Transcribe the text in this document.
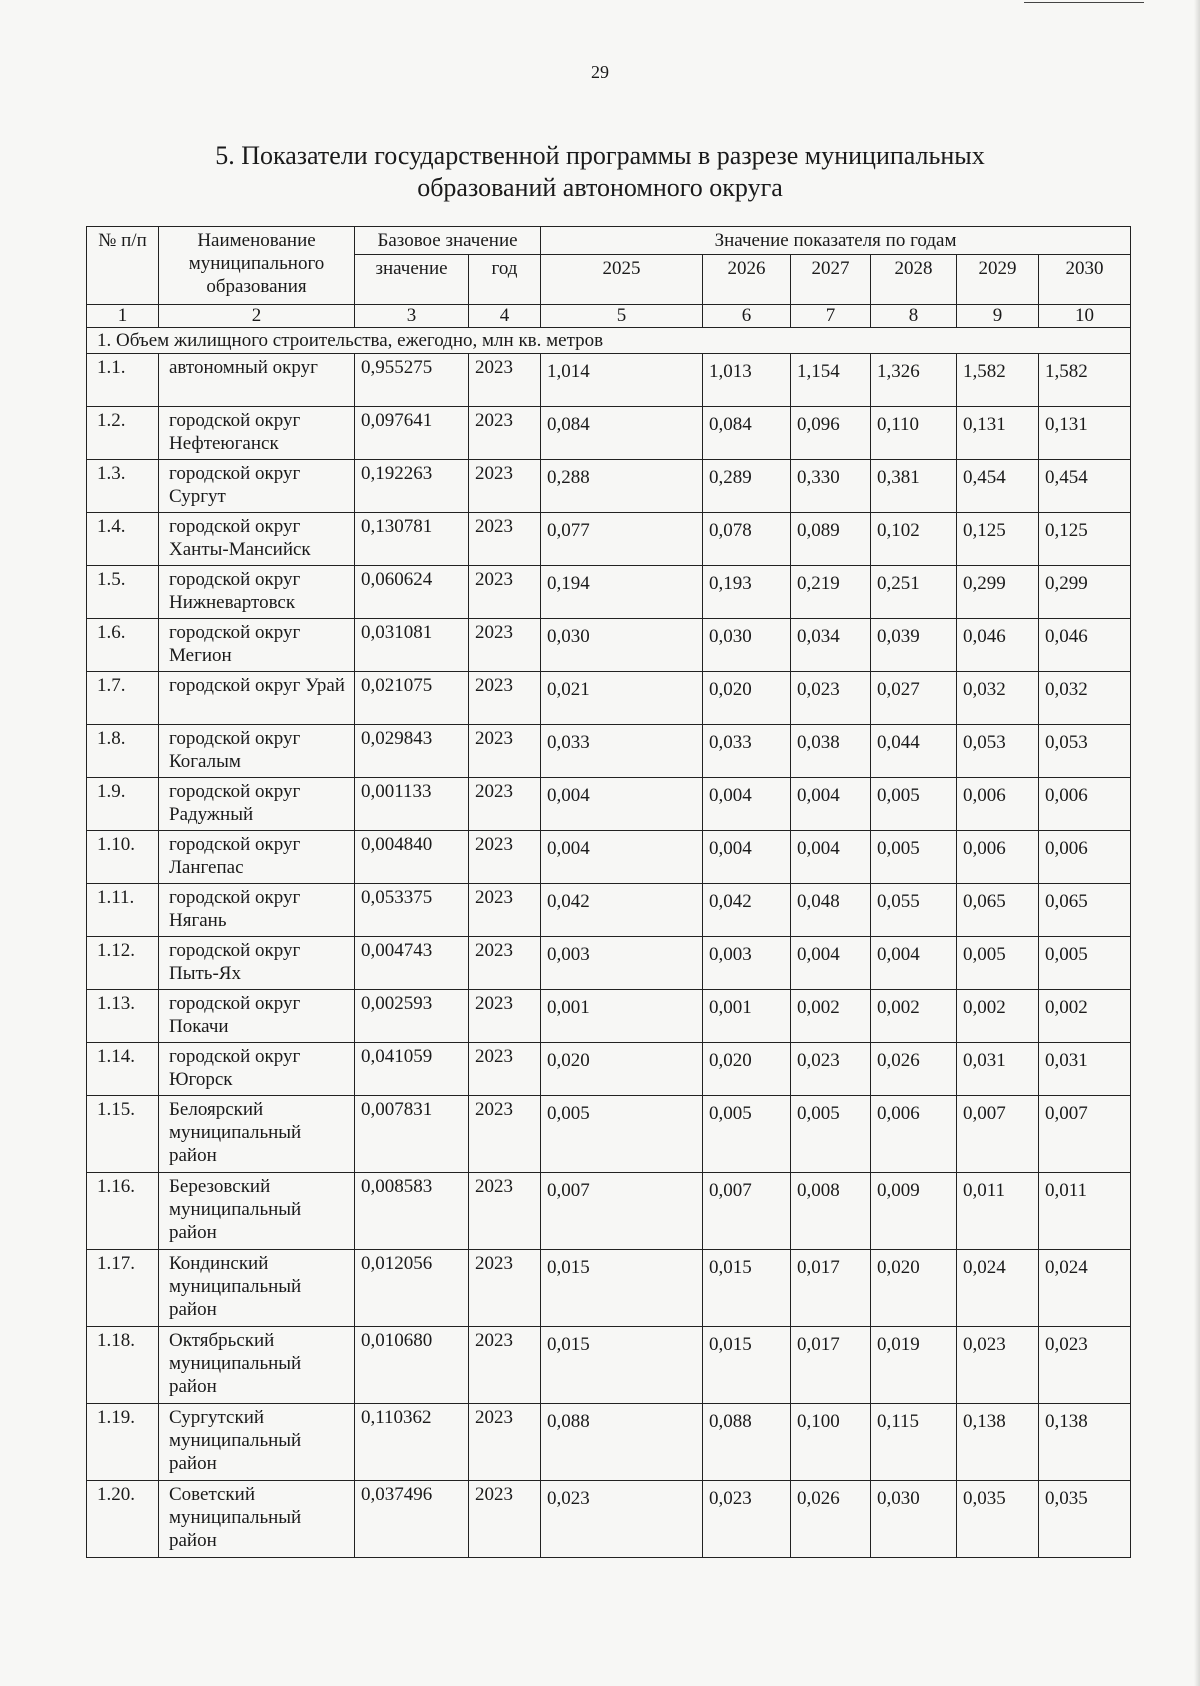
29
5. Показатели государственной программы в разрезе муниципальных
образований автономного округа
№ п/п	Наименование муниципального образования	Базовое значение		Значение показателя по годам					
		значение	год	2025	2026	2027	2028	2029	2030
1	2	3	4	5	6	7	8	9	10
1. Объем жилищного строительства, ежегодно, млн кв. метров									
1.1.	автономный округ	0,955275	2023	1,014	1,013	1,154	1,326	1,582	1,582
1.2.	городской округ Нефтеюганск	0,097641	2023	0,084	0,084	0,096	0,110	0,131	0,131
1.3.	городской округ Сургут	0,192263	2023	0,288	0,289	0,330	0,381	0,454	0,454
1.4.	городской округ Ханты-Мансийск	0,130781	2023	0,077	0,078	0,089	0,102	0,125	0,125
1.5.	городской округ Нижневартовск	0,060624	2023	0,194	0,193	0,219	0,251	0,299	0,299
1.6.	городской округ Мегион	0,031081	2023	0,030	0,030	0,034	0,039	0,046	0,046
1.7.	городской округ Урай	0,021075	2023	0,021	0,020	0,023	0,027	0,032	0,032
1.8.	городской округ Когалым	0,029843	2023	0,033	0,033	0,038	0,044	0,053	0,053
1.9.	городской округ Радужный	0,001133	2023	0,004	0,004	0,004	0,005	0,006	0,006
1.10.	городской округ Лангепас	0,004840	2023	0,004	0,004	0,004	0,005	0,006	0,006
1.11.	городской округ Нягань	0,053375	2023	0,042	0,042	0,048	0,055	0,065	0,065
1.12.	городской округ Пыть-Ях	0,004743	2023	0,003	0,003	0,004	0,004	0,005	0,005
1.13.	городской округ Покачи	0,002593	2023	0,001	0,001	0,002	0,002	0,002	0,002
1.14.	городской округ Югорск	0,041059	2023	0,020	0,020	0,023	0,026	0,031	0,031
1.15.	Белоярский муниципальный район	0,007831	2023	0,005	0,005	0,005	0,006	0,007	0,007
1.16.	Березовский муниципальный район	0,008583	2023	0,007	0,007	0,008	0,009	0,011	0,011
1.17.	Кондинский муниципальный район	0,012056	2023	0,015	0,015	0,017	0,020	0,024	0,024
1.18.	Октябрьский муниципальный район	0,010680	2023	0,015	0,015	0,017	0,019	0,023	0,023
1.19.	Сургутский муниципальный район	0,110362	2023	0,088	0,088	0,100	0,115	0,138	0,138
1.20.	Советский муниципальный район	0,037496	2023	0,023	0,023	0,026	0,030	0,035	0,035
